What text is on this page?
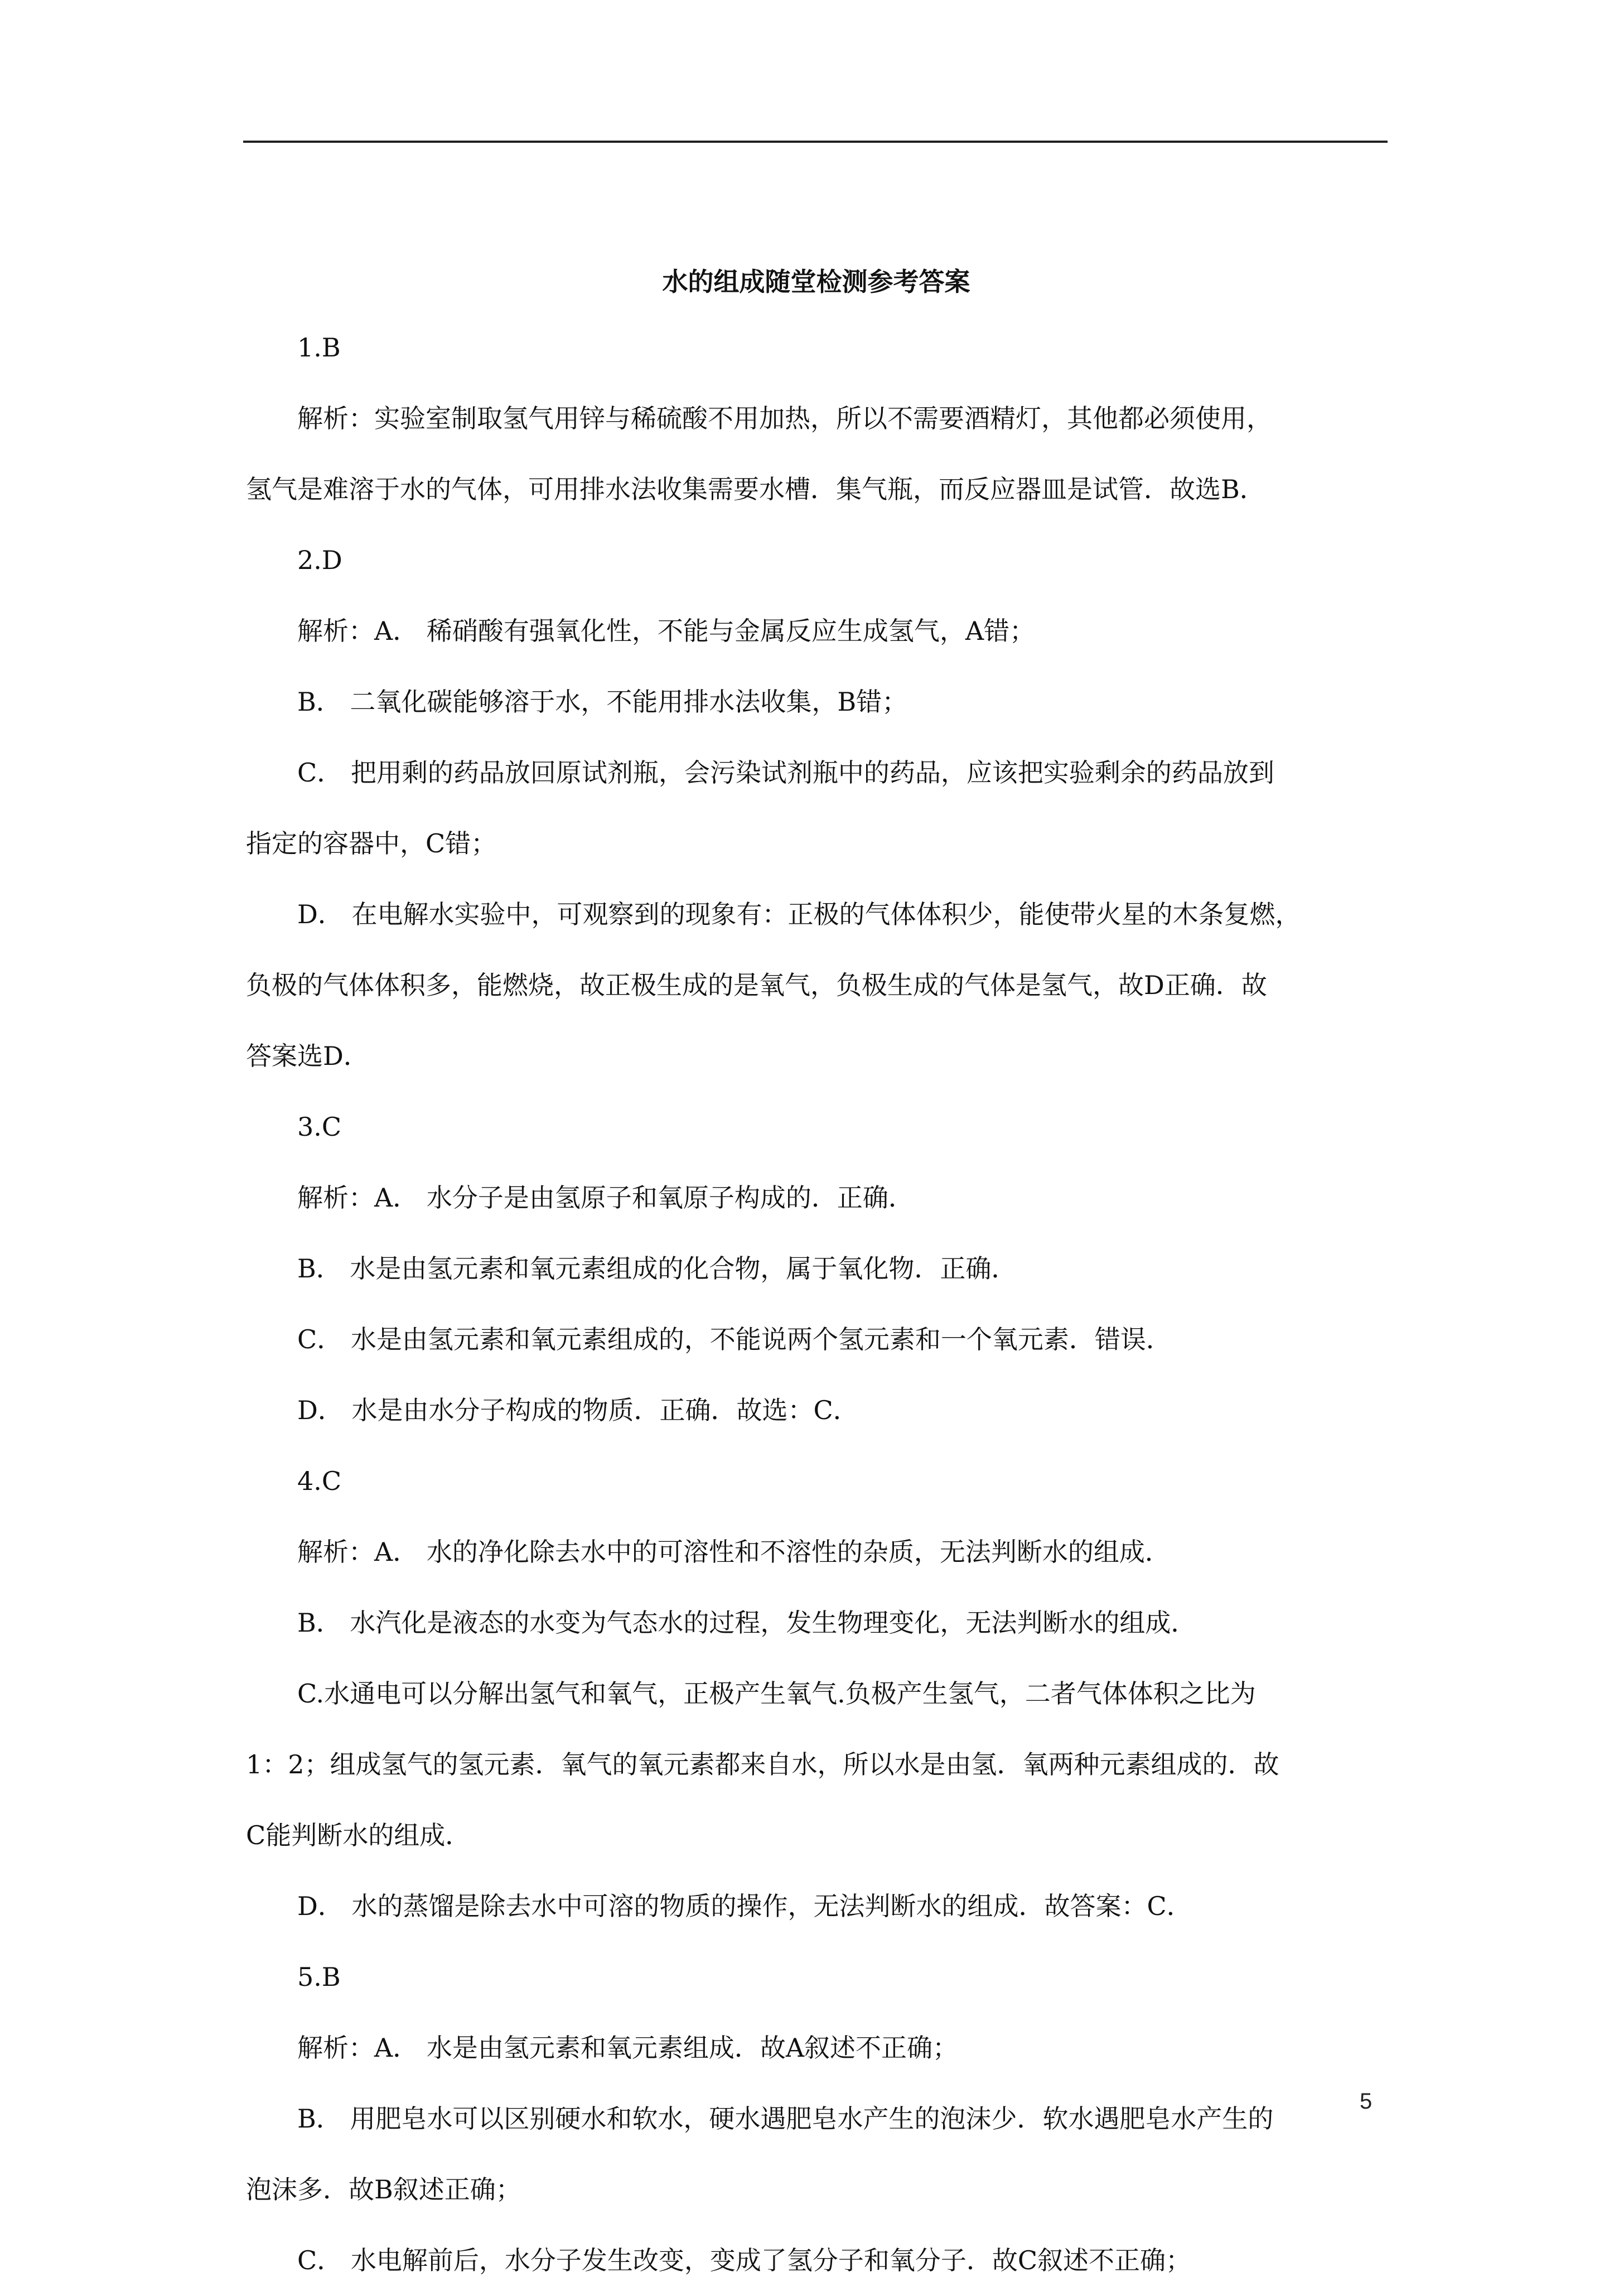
水的组成随堂检测参考答案

1.B

解析：实验室制取氢气用锌与稀硫酸不用加热，所以不需要酒精灯，其他都必须使用，

氢气是难溶于水的气体，可用排水法收集需要水槽．集气瓶，而反应器皿是试管．故选B．

2.D

解析：A． 稀硝酸有强氧化性，不能与金属反应生成氢气，A错；

B． 二氧化碳能够溶于水，不能用排水法收集，B错；

C． 把用剩的药品放回原试剂瓶，会污染试剂瓶中的药品，应该把实验剩余的药品放到

指定的容器中，C错；

D． 在电解水实验中，可观察到的现象有：正极的气体体积少，能使带火星的木条复燃，

负极的气体体积多，能燃烧，故正极生成的是氧气，负极生成的气体是氢气，故D正确．故

答案选D．

3.C

解析：A． 水分子是由氢原子和氧原子构成的．正确．

B． 水是由氢元素和氧元素组成的化合物，属于氧化物．正确．

C． 水是由氢元素和氧元素组成的，不能说两个氢元素和一个氧元素．错误．

D． 水是由水分子构成的物质．正确．故选：C．

4.C

解析：A． 水的净化除去水中的可溶性和不溶性的杂质，无法判断水的组成．

B． 水汽化是液态的水变为气态水的过程，发生物理变化，无法判断水的组成．

C.水通电可以分解出氢气和氧气，正极产生氧气.负极产生氢气，二者气体体积之比为

1：2；组成氢气的氢元素．氧气的氧元素都来自水，所以水是由氢．氧两种元素组成的．故

C能判断水的组成．

D． 水的蒸馏是除去水中可溶的物质的操作，无法判断水的组成．故答案：C．

5.B

解析：A． 水是由氢元素和氧元素组成．故A叙述不正确；

B． 用肥皂水可以区别硬水和软水，硬水遇肥皂水产生的泡沫少．软水遇肥皂水产生的

泡沫多．故B叙述正确；

C． 水电解前后，水分子发生改变，变成了氢分子和氧分子．故C叙述不正确；

5
